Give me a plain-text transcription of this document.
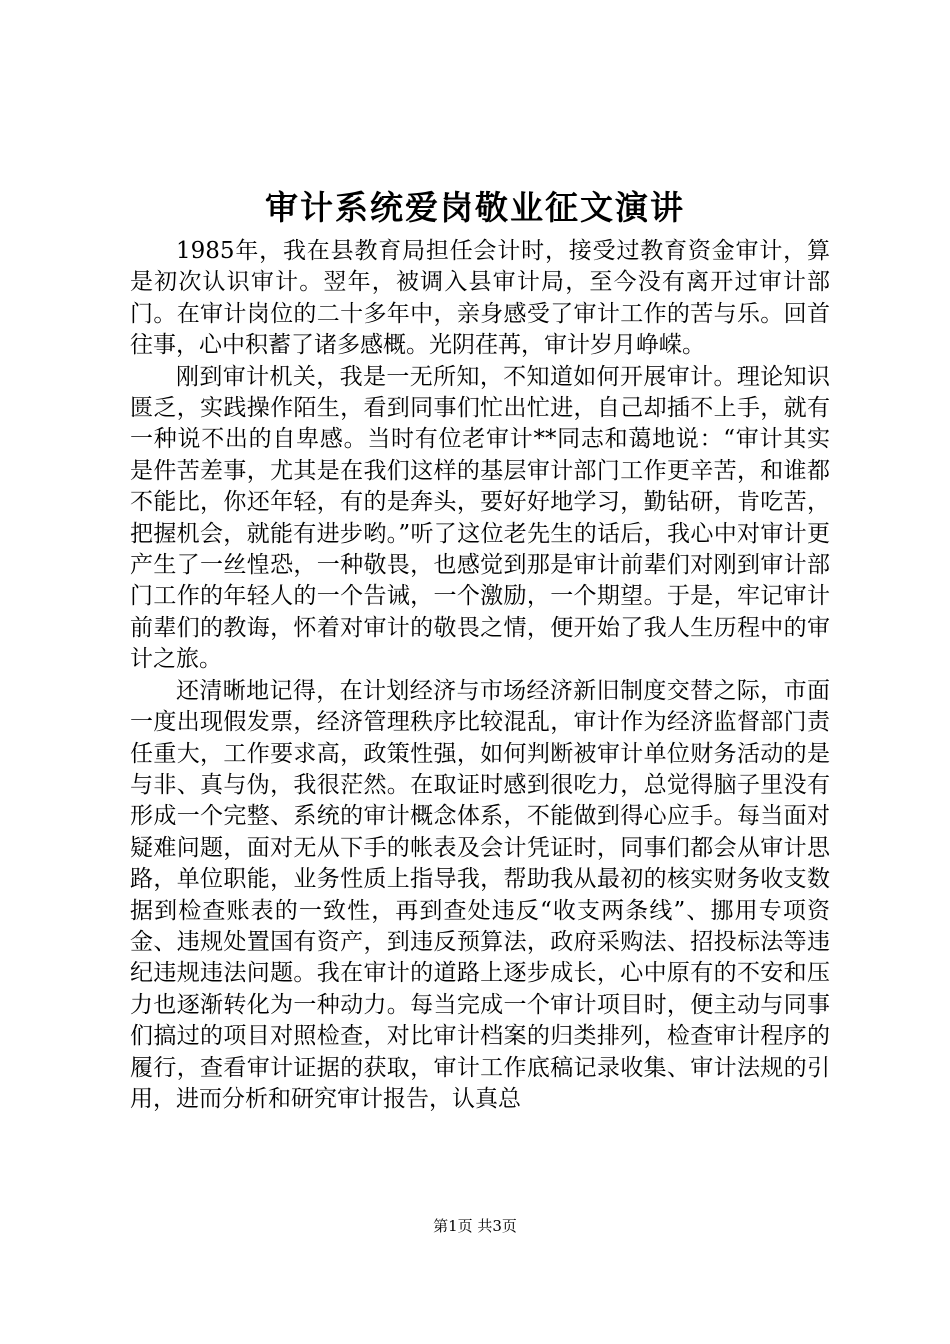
审计系统爱岗敬业征文演讲

1985年，我在县教育局担任会计时，接受过教育资金审计，算是初次认识审计。翌年，被调入县审计局，至今没有离开过审计部门。在审计岗位的二十多年中，亲身感受了审计工作的苦与乐。回首往事，心中积蓄了诸多感概。光阴荏苒，审计岁月峥嵘。

刚到审计机关，我是一无所知，不知道如何开展审计。理论知识匮乏，实践操作陌生，看到同事们忙出忙进，自己却插不上手，就有一种说不出的自卑感。当时有位老审计**同志和蔼地说：“审计其实是件苦差事，尤其是在我们这样的基层审计部门工作更辛苦，和谁都不能比，你还年轻，有的是奔头，要好好地学习，勤钻研，肯吃苦，把握机会，就能有进步哟。”听了这位老先生的话后，我心中对审计更产生了一丝惶恐，一种敬畏，也感觉到那是审计前辈们对刚到审计部门工作的年轻人的一个告诫，一个激励，一个期望。于是，牢记审计前辈们的教诲，怀着对审计的敬畏之情，便开始了我人生历程中的审计之旅。

还清晰地记得，在计划经济与市场经济新旧制度交替之际，市面一度出现假发票，经济管理秩序比较混乱，审计作为经济监督部门责任重大，工作要求高，政策性强，如何判断被审计单位财务活动的是与非、真与伪，我很茫然。在取证时感到很吃力，总觉得脑子里没有形成一个完整、系统的审计概念体系，不能做到得心应手。每当面对疑难问题，面对无从下手的帐表及会计凭证时，同事们都会从审计思路，单位职能，业务性质上指导我，帮助我从最初的核实财务收支数据到检查账表的一致性，再到查处违反“收支两条线”、挪用专项资金、违规处置国有资产，到违反预算法，政府采购法、招投标法等违纪违规违法问题。我在审计的道路上逐步成长，心中原有的不安和压力也逐渐转化为一种动力。每当完成一个审计项目时，便主动与同事们搞过的项目对照检查，对比审计档案的归类排列，检查审计程序的履行，查看审计证据的获取，审计工作底稿记录收集、审计法规的引用，进而分析和研究审计报告，认真总

第1页 共3页
